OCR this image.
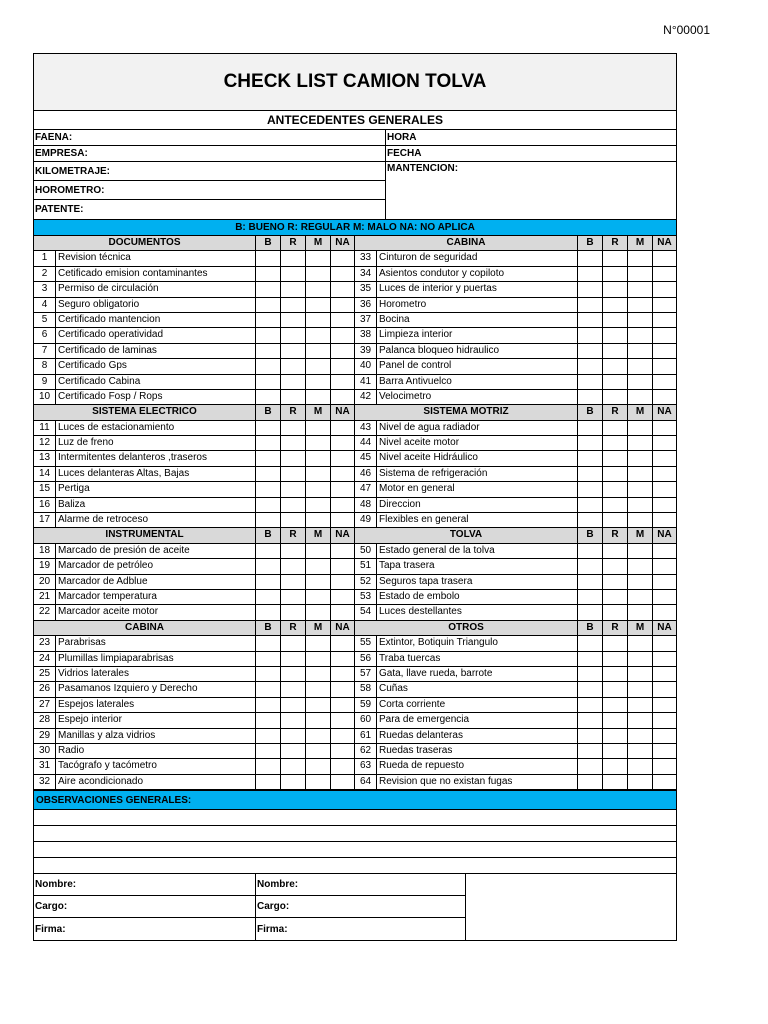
N°00001
CHECK LIST CAMION TOLVA
ANTECEDENTES GENERALES
FAENA:
EMPRESA:
KILOMETRAJE:
HOROMETRO:
PATENTE:
HORA
FECHA
MANTENCION:
B: BUENO R: REGULAR M: MALO NA: NO APLICA
DOCUMENTOS	B	R	M	NA
1	Revision técnica
2	Cetificado emision contaminantes
3	Permiso de circulación
4	Seguro obligatorio
5	Certificado mantencion
6	Certificado operatividad
7	Certificado de laminas
8	Certificado Gps
9	Certificado Cabina
10 Certificado Fosp / Rops
SISTEMA ELECTRICO	B	R	M	NA
11 Luces de estacionamiento
12 Luz de freno
13 Intermitentes delanteros ,traseros
14 Luces delanteras Altas, Bajas
15 Pertiga
16 Baliza
17 Alarme de retroceso
INSTRUMENTAL	B	R	M	NA
18 Marcado de presión de aceite
19 Marcador de petróleo
20 Marcador de Adblue
21 Marcador temperatura
22 Marcador aceite motor
CABINA	B	R	M	NA
23 Parabrisas
24 Plumillas limpiaparabrisas
25 Vidrios laterales
26 Pasamanos Izquiero y Derecho
27 Espejos laterales
28 Espejo interior
29 Manillas y alza vidrios
30 Radio
31 Tacógrafo y tacómetro
32 Aire acondicionado
CABINA	B	R	M	NA
33 Cinturon de seguridad
34 Asientos condutor y copiloto
35 Luces de interior y puertas
36 Horometro
37 Bocina
38 Limpieza interior
39 Palanca bloqueo hidraulico
40 Panel de control
41 Barra Antivuelco
42 Velocimetro
SISTEMA MOTRIZ	B	R	M	NA
43 Nivel de agua radiador
44 Nivel aceite motor
45 Nivel aceite Hidráulico
46 Sistema de refrigeración
47 Motor en general
48 Direccion
49 Flexibles en general
TOLVA	B	R	M	NA
50 Estado general de la tolva
51 Tapa trasera
52 Seguros tapa trasera
53 Estado de embolo
54 Luces destellantes
OTROS	B	R	M	NA
55 Extintor, Botiquin Triangulo
56 Traba tuercas
57 Gata, llave rueda, barrote
58 Cuñas
59 Corta corriente
60 Para de emergencia
61 Ruedas delanteras
62 Ruedas traseras
63 Rueda de repuesto
64 Revision que no existan fugas
OBSERVACIONES GENERALES:
Nombre:
Cargo:
Firma:
Nombre:
Cargo:
Firma:
